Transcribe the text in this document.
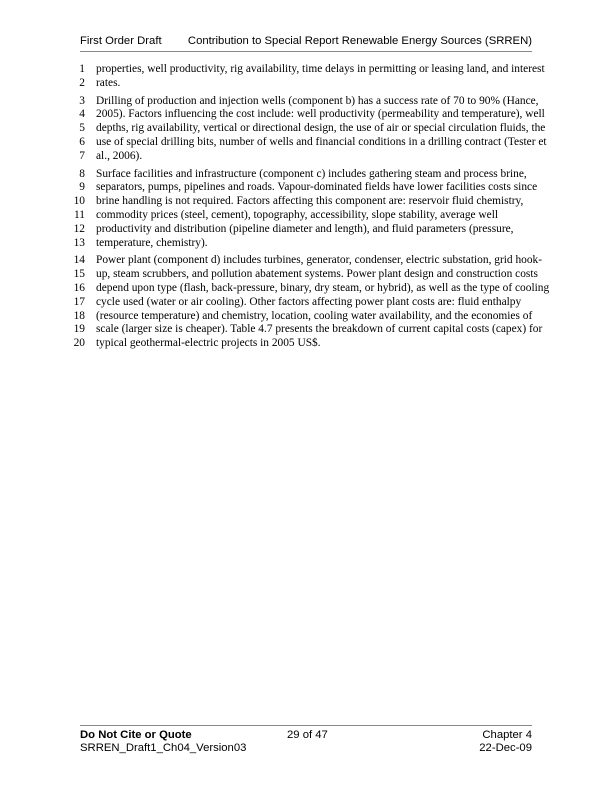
First Order Draft Contribution to Special Report Renewable Energy Sources (SRREN)
1 properties, well productivity, rig availability, time delays in permitting or leasing land, and interest
2 rates.
3 Drilling of production and injection wells (component b) has a success rate of 70 to 90% (Hance,
4 2005). Factors influencing the cost include: well productivity (permeability and temperature), well
5 depths, rig availability, vertical or directional design, the use of air or special circulation fluids, the
6 use of special drilling bits, number of wells and financial conditions in a drilling contract (Tester et
7 al., 2006).
8 Surface facilities and infrastructure (component c) includes gathering steam and process brine,
9 separators, pumps, pipelines and roads. Vapour-dominated fields have lower facilities costs since
10 brine handling is not required. Factors affecting this component are: reservoir fluid chemistry,
11 commodity prices (steel, cement), topography, accessibility, slope stability, average well
12 productivity and distribution (pipeline diameter and length), and fluid parameters (pressure,
13 temperature, chemistry).
14 Power plant (component d) includes turbines, generator, condenser, electric substation, grid hook-
15 up, steam scrubbers, and pollution abatement systems. Power plant design and construction costs
16 depend upon type (flash, back-pressure, binary, dry steam, or hybrid), as well as the type of cooling
17 cycle used (water or air cooling). Other factors affecting power plant costs are: fluid enthalpy
18 (resource temperature) and chemistry, location, cooling water availability, and the economies of
19 scale (larger size is cheaper). Table 4.7 presents the breakdown of current capital costs (capex) for
20 typical geothermal-electric projects in 2005 US$.
Do Not Cite or Quote
SRREN_Draft1_Ch04_Version03
29 of 47	Chapter 4
22-Dec-09
